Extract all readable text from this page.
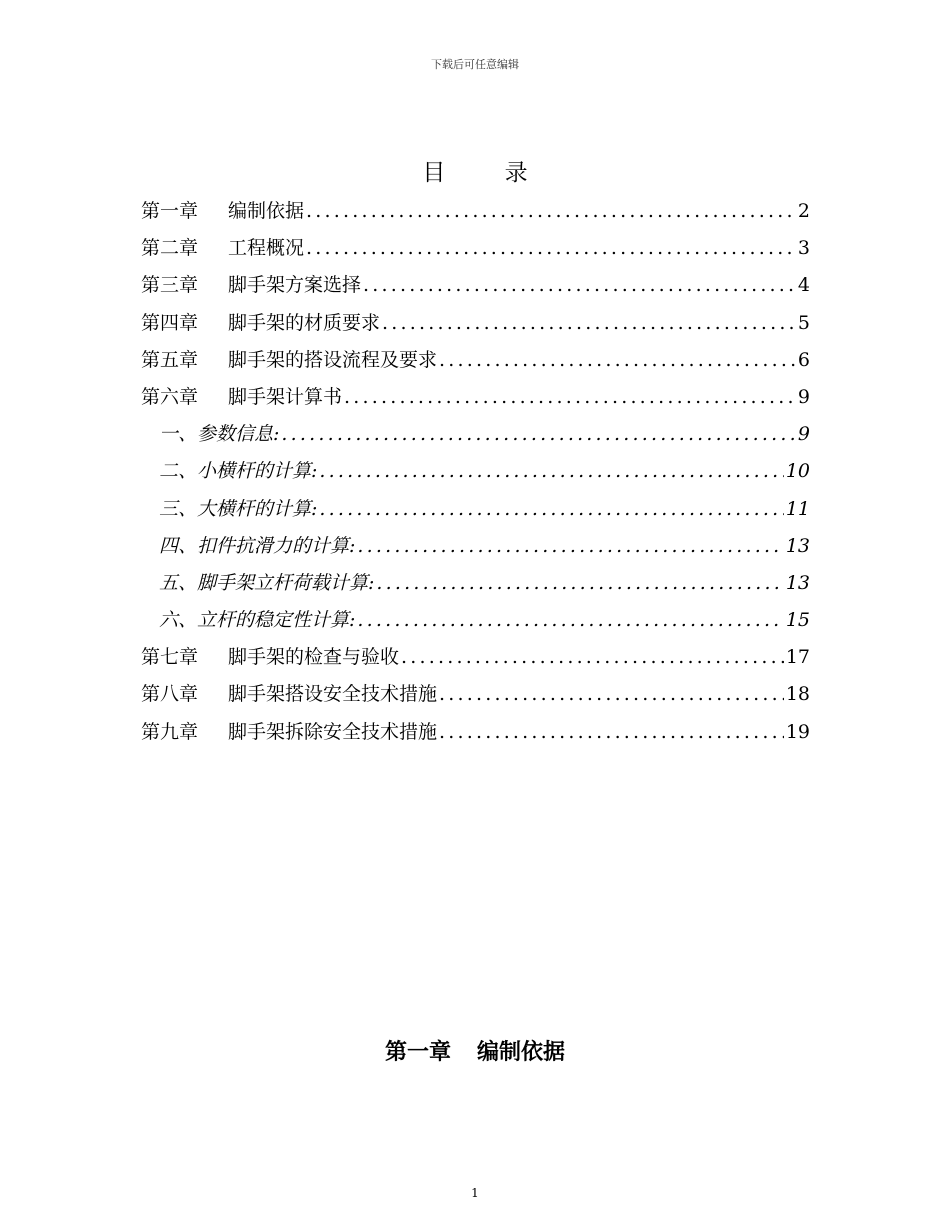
下载后可任意编辑
目 录
第一章	编制依据 .....	2
第二章	工程概况 .....	3
第三章	脚手架方案选择 .....	4
第四章	脚手架的材质要求 .....	5
第五章	脚手架的搭设流程及要求 .....	6
第六章	脚手架计算书 .....	9
一、参数信息: .....	9
二、小横杆的计算: .....	10
三、大横杆的计算: .....	11
四、扣件抗滑力的计算: .....	13
五、脚手架立杆荷载计算: .....	13
六、立杆的稳定性计算: .....	15
第七章	脚手架的检查与验收 .....	17
第八章	脚手架搭设安全技术措施 .....	18
第九章	脚手架拆除安全技术措施 .....	19
第一章 编制依据
1
